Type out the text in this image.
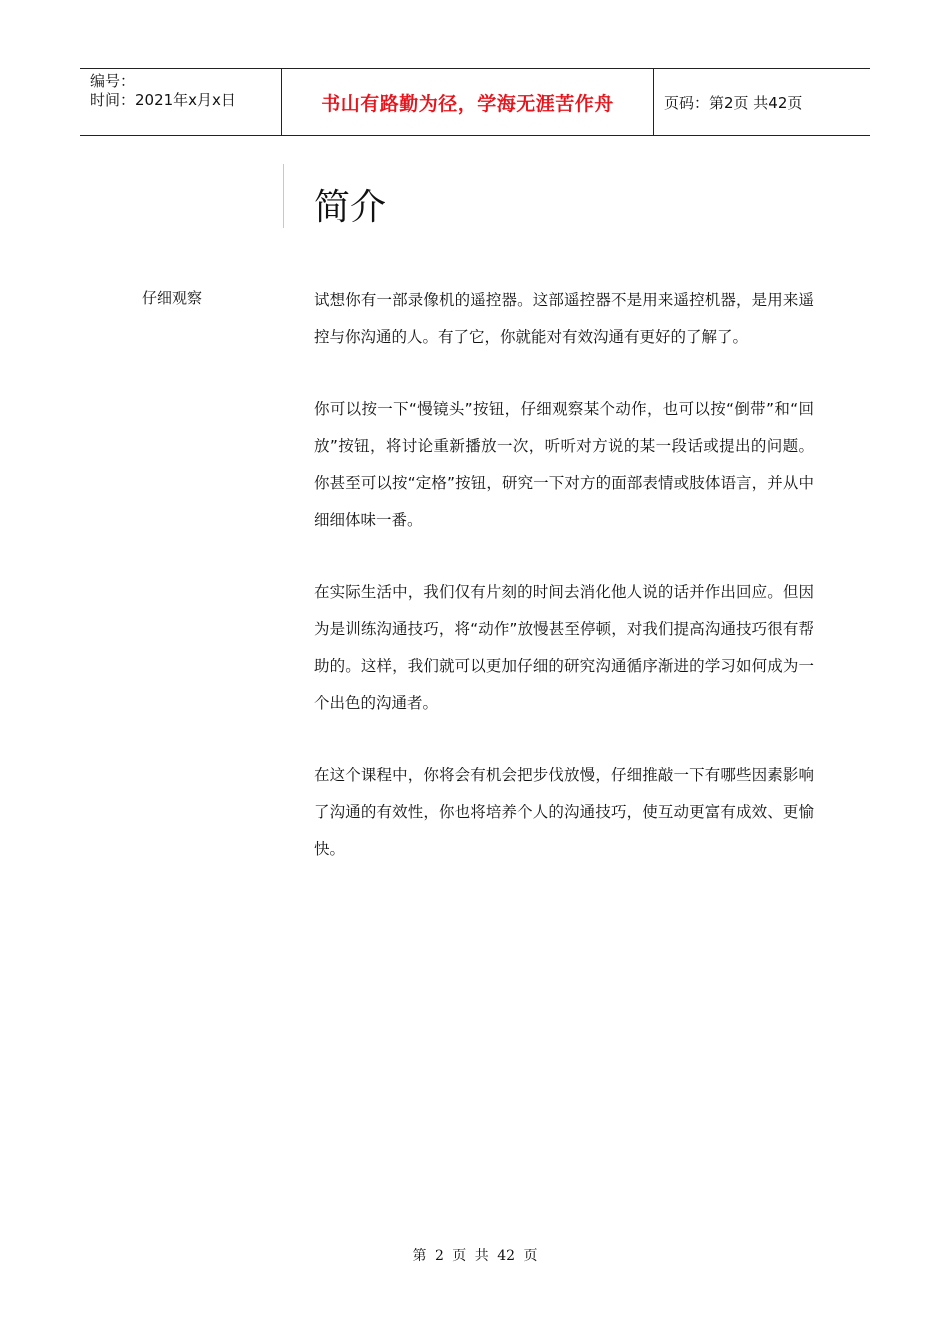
编号：
时间：2021年x月x日	书山有路勤为径，学海无涯苦作舟	页码：第2页 共42页
简介
仔细观察	试想你有一部录像机的遥控器。这部遥控器不是用来遥控机器，是用来遥控与你沟通的人。有了它，你就能对有效沟通有更好的了解了。

你可以按一下“慢镜头”按钮，仔细观察某个动作，也可以按“倒带”和“回放”按钮，将讨论重新播放一次，听听对方说的某一段话或提出的问题。你甚至可以按“定格”按钮，研究一下对方的面部表情或肢体语言，并从中细细体味一番。

在实际生活中，我们仅有片刻的时间去消化他人说的话并作出回应。但因为是训练沟通技巧，将“动作”放慢甚至停顿，对我们提高沟通技巧很有帮助的。这样，我们就可以更加仔细的研究沟通循序渐进的学习如何成为一个出色的沟通者。

在这个课程中，你将会有机会把步伐放慢，仔细推敲一下有哪些因素影响了沟通的有效性，你也将培养个人的沟通技巧，使互动更富有成效、更愉快。

第 2 页 共 42 页
